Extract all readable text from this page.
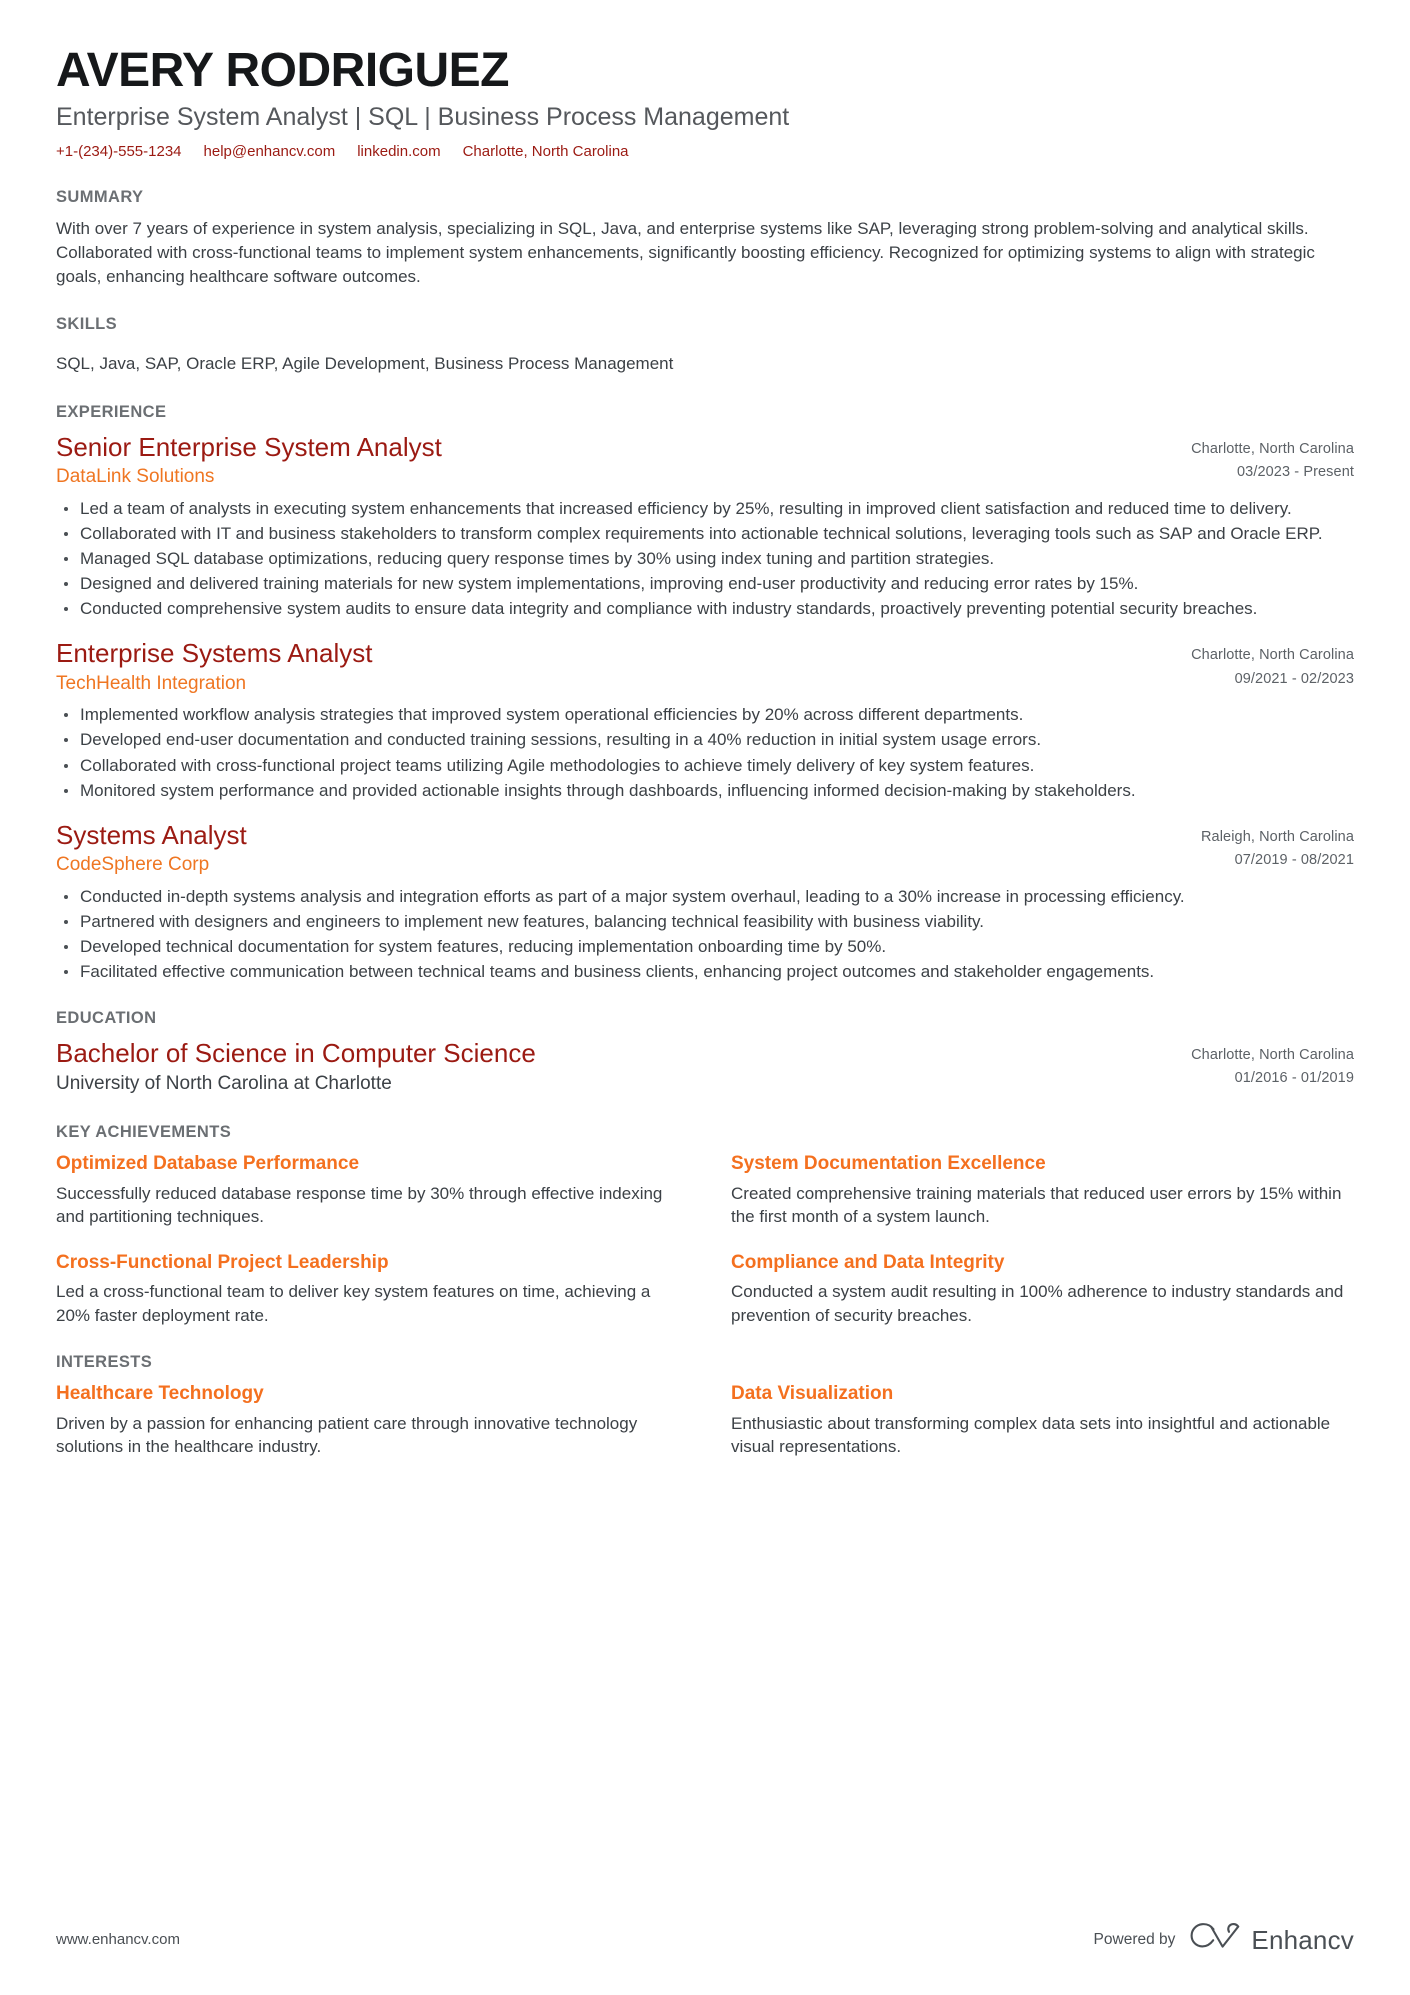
AVERY RODRIGUEZ
Enterprise System Analyst | SQL | Business Process Management
+1-(234)-555-1234 help@enhancv.com linkedin.com Charlotte, North Carolina
SUMMARY

With over 7 years of experience in system analysis, specializing in SQL, Java, and enterprise systems like SAP, leveraging strong problem-solving and analytical skills. Collaborated with cross-functional teams to implement system enhancements, significantly boosting efficiency. Recognized for optimizing systems to align with strategic goals, enhancing healthcare software outcomes.

SKILLS

SQL, Java, SAP, Oracle ERP, Agile Development, Business Process Management

EXPERIENCE
Senior Enterprise System Analyst
DataLink Solutions
Charlotte, North Carolina
03/2023 - Present
Led a team of analysts in executing system enhancements that increased efficiency by 25%, resulting in improved client satisfaction and reduced time to delivery.
Collaborated with IT and business stakeholders to transform complex requirements into actionable technical solutions, leveraging tools such as SAP and Oracle ERP.
Managed SQL database optimizations, reducing query response times by 30% using index tuning and partition strategies.
Designed and delivered training materials for new system implementations, improving end-user productivity and reducing error rates by 15%.
Conducted comprehensive system audits to ensure data integrity and compliance with industry standards, proactively preventing potential security breaches.
Enterprise Systems Analyst
TechHealth Integration
Charlotte, North Carolina
09/2021 - 02/2023
Implemented workflow analysis strategies that improved system operational efficiencies by 20% across different departments.
Developed end-user documentation and conducted training sessions, resulting in a 40% reduction in initial system usage errors.
Collaborated with cross-functional project teams utilizing Agile methodologies to achieve timely delivery of key system features.
Monitored system performance and provided actionable insights through dashboards, influencing informed decision-making by stakeholders.
Systems Analyst
CodeSphere Corp
Raleigh, North Carolina
07/2019 - 08/2021
Conducted in-depth systems analysis and integration efforts as part of a major system overhaul, leading to a 30% increase in processing efficiency.
Partnered with designers and engineers to implement new features, balancing technical feasibility with business viability.
Developed technical documentation for system features, reducing implementation onboarding time by 50%.
Facilitated effective communication between technical teams and business clients, enhancing project outcomes and stakeholder engagements.
EDUCATION
Bachelor of Science in Computer Science
University of North Carolina at Charlotte
Charlotte, North Carolina
01/2016 - 01/2019
KEY ACHIEVEMENTS
Optimized Database Performance

Successfully reduced database response time by 30% through effective indexing and partitioning techniques.

System Documentation Excellence

Created comprehensive training materials that reduced user errors by 15% within the first month of a system launch.

Cross-Functional Project Leadership

Led a cross-functional team to deliver key system features on time, achieving a 20% faster deployment rate.

Compliance and Data Integrity

Conducted a system audit resulting in 100% adherence to industry standards and prevention of security breaches.

INTERESTS
Healthcare Technology

Driven by a passion for enhancing patient care through innovative technology solutions in the healthcare industry.

Data Visualization

Enthusiastic about transforming complex data sets into insightful and actionable visual representations.

www.enhancv.com	Powered by	Enhancv
